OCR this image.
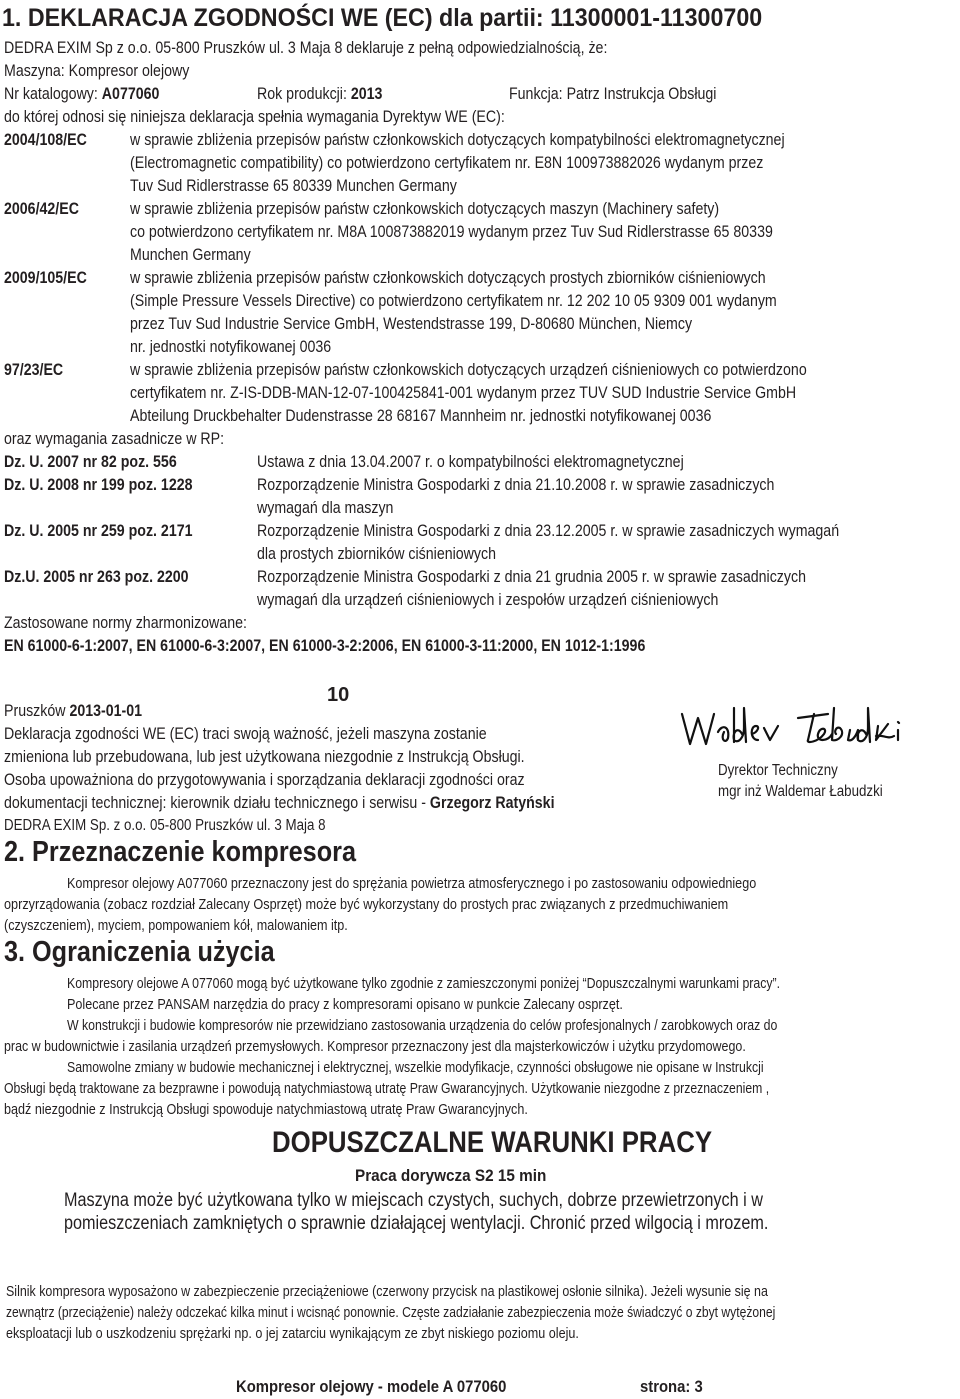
1. DEKLARACJA ZGODNOŚCI WE (EC) dla partii: 11300001-11300700
DEDRA EXIM Sp z o.o. 05-800 Pruszków ul. 3 Maja 8 deklaruje z pełną odpowiedzialnością, że:
Maszyna: Kompresor olejowy
Nr katalogowy: A077060	Rok produkcji: 2013	Funkcja: Patrz Instrukcja Obsługi
do której odnosi się niniejsza deklaracja spełnia wymagania Dyrektyw WE (EC):
2004/108/EC	w sprawie zbliżenia przepisów państw członkowskich dotyczących kompatybilności elektromagnetycznej
(Electromagnetic compatibility) co potwierdzono certyfikatem nr. E8N 100973882026 wydanym przez
Tuv Sud Ridlerstrasse 65 80339 Munchen Germany
2006/42/EC	w sprawie zbliżenia przepisów państw członkowskich dotyczących maszyn (Machinery safety)
co potwierdzono certyfikatem nr. M8A 100873882019 wydanym przez Tuv Sud Ridlerstrasse 65 80339
Munchen Germany
2009/105/EC	w sprawie zbliżenia przepisów państw członkowskich dotyczących prostych zbiorników ciśnieniowych
(Simple Pressure Vessels Directive) co potwierdzono certyfikatem nr. 12 202 10 05 9309 001 wydanym
przez Tuv Sud Industrie Service GmbH, Westendstrasse 199, D-80680 München, Niemcy
nr. jednostki notyfikowanej 0036
97/23/EC	w sprawie zbliżenia przepisów państw członkowskich dotyczących urządzeń ciśnieniowych co potwierdzono
certyfikatem nr. Z-IS-DDB-MAN-12-07-100425841-001 wydanym przez TUV SUD Industrie Service GmbH
Abteilung Druckbehalter Dudenstrasse 28 68167 Mannheim nr. jednostki notyfikowanej 0036
oraz wymagania zasadnicze w RP:
Dz. U. 2007 nr 82 poz. 556	Ustawa z dnia 13.04.2007 r. o kompatybilności elektromagnetycznej
Dz. U. 2008 nr 199 poz. 1228	Rozporządzenie Ministra Gospodarki z dnia 21.10.2008 r. w sprawie zasadniczych
wymagań dla maszyn
Dz. U. 2005 nr 259 poz. 2171	Rozporządzenie Ministra Gospodarki z dnia 23.12.2005 r. w sprawie zasadniczych wymagań
dla prostych zbiorników ciśnieniowych
Dz.U. 2005 nr 263 poz. 2200	Rozporządzenie Ministra Gospodarki z dnia 21 grudnia 2005 r. w sprawie zasadniczych
wymagań dla urządzeń ciśnieniowych i zespołów urządzeń ciśnieniowych
Zastosowane normy zharmonizowane:
EN 61000-6-1:2007, EN 61000-6-3:2007, EN 61000-3-2:2006, EN 61000-3-11:2000, EN 1012-1:1996
10
Pruszków 2013-01-01
Deklaracja zgodności WE (EC) traci swoją ważność, jeżeli maszyna zostanie
zmieniona lub przebudowana, lub jest użytkowana niezgodnie z Instrukcją Obsługi.
Osoba upoważniona do przygotowywania i sporządzania deklaracji zgodności oraz
dokumentacji technicznej: kierownik działu technicznego i serwisu - Grzegorz Ratyński
DEDRA EXIM Sp. z o.o. 05-800 Pruszków ul. 3 Maja 8
Dyrektor Techniczny
mgr inż Waldemar Łabudzki
2. Przeznaczenie kompresora
Kompresor olejowy A077060 przeznaczony jest do sprężania powietrza atmosferycznego i po zastosowaniu odpowiedniego
oprzyrządowania (zobacz rozdział Zalecany Osprzęt) może być wykorzystany do prostych prac związanych z przedmuchiwaniem
(czyszczeniem), myciem, pompowaniem kół, malowaniem itp.
3. Ograniczenia użycia
Kompresory olejowe A 077060 mogą być użytkowane tylko zgodnie z zamieszczonymi poniżej “Dopuszczalnymi warunkami pracy”.
Polecane przez PANSAM narzędzia do pracy z kompresorami opisano w punkcie Zalecany osprzęt.
W konstrukcji i budowie kompresorów nie przewidziano zastosowania urządzenia do celów profesjonalnych / zarobkowych oraz do
prac w budownictwie i zasilania urządzeń przemysłowych. Kompresor przeznaczony jest dla majsterkowiczów i użytku przydomowego.
Samowolne zmiany w budowie mechanicznej i elektrycznej, wszelkie modyfikacje, czynności obsługowe nie opisane w Instrukcji
Obsługi będą traktowane za bezprawne i powodują natychmiastową utratę Praw Gwarancyjnych. Użytkowanie niezgodne z przeznaczeniem ,
bądź niezgodnie z Instrukcją Obsługi spowoduje natychmiastową utratę Praw Gwarancyjnych.
DOPUSZCZALNE WARUNKI PRACY
Praca dorywcza S2 15 min
Maszyna może być użytkowana tylko w miejscach czystych, suchych, dobrze przewietrzonych i w
pomieszczeniach zamkniętych o sprawnie działającej wentylacji. Chronić przed wilgocią i mrozem.
Silnik kompresora wyposażono w zabezpieczenie przeciążeniowe (czerwony przycisk na plastikowej osłonie silnika). Jeżeli wysunie się na
zewnątrz (przeciążenie) należy odczekać kilka minut i wcisnąć ponownie. Częste zadziałanie zabezpieczenia może świadczyć o zbyt wytężonej
eksploatacji lub o uszkodzeniu sprężarki np. o jej zatarciu wynikającym ze zbyt niskiego poziomu oleju.
Kompresor olejowy - modele A 077060	strona: 3
